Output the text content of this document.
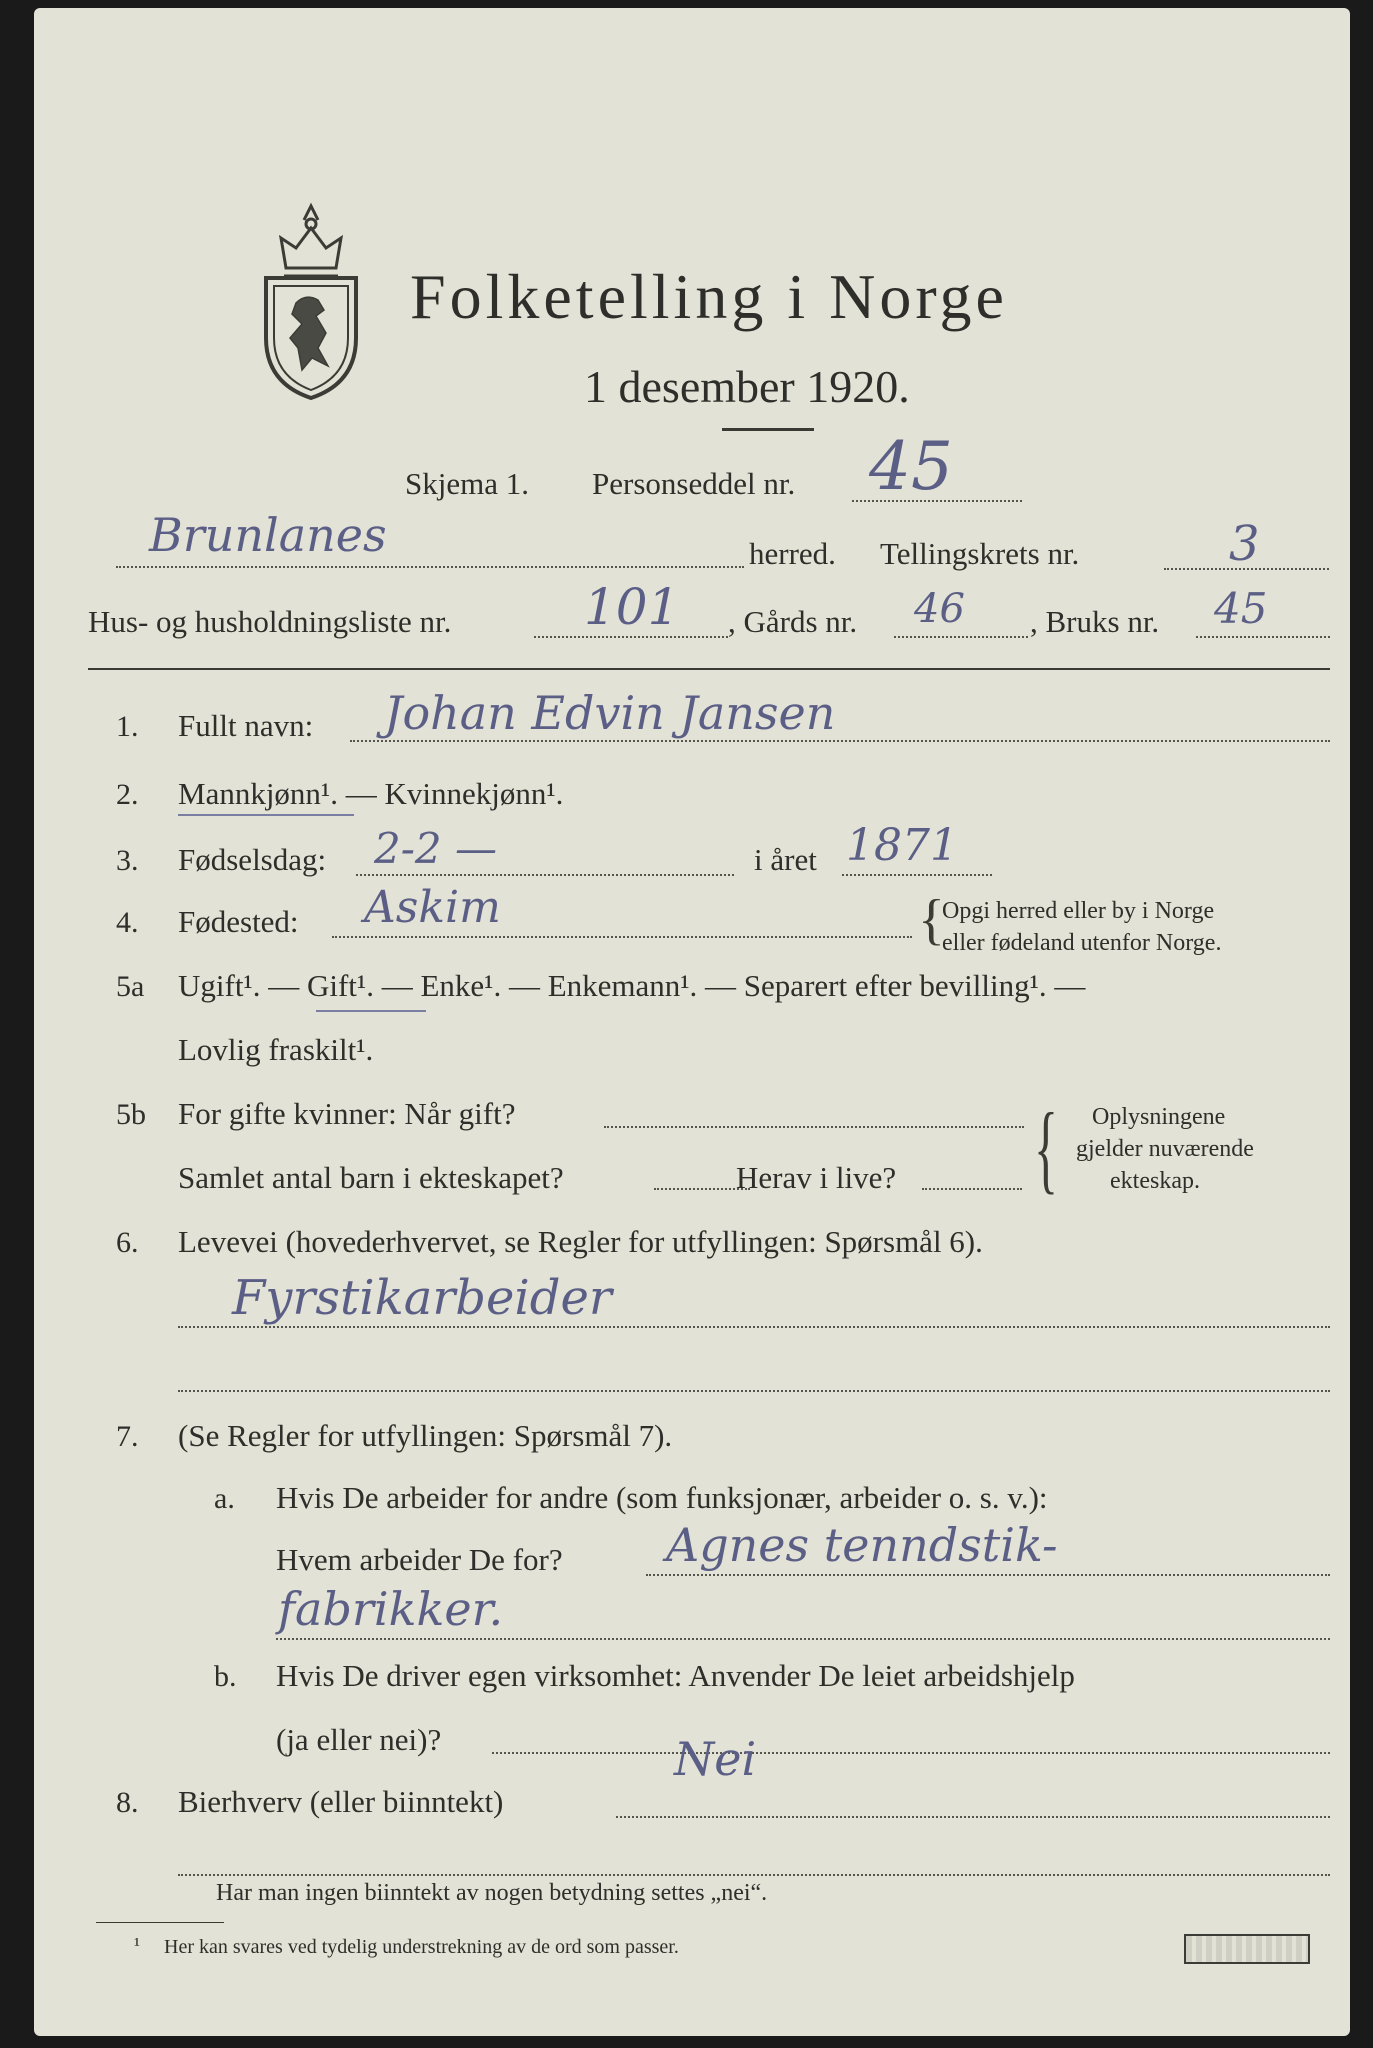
Folketelling i Norge
1 desember 1920.
Skjema 1. Personseddel nr. 45
Brunlanes	herred. Tellingskrets nr.	3
Hus- og husholdningsliste nr.	101 , Gårds nr. 46 , Bruks nr. 45
1. Fullt navn: Johan Edvin Jansen
2. Mannkjønn¹. — Kvinnekjønn¹.
3. Fødselsdag: 2-2 —	i året 1871
4. Fødested: Askim	{
Opgi herred eller by i Norge
eller fødeland utenfor Norge.
5a Ugift¹. — Gift¹. — Enke¹. — Enkemann¹. — Separert efter bevilling¹. —
Lovlig fraskilt¹.
5b For gifte kvinner: Når gift?
Samlet antal barn i ekteskapet?	Herav i live? { Oplysningene
gjelder nuværende
ekteskap.
6. Levevei (hovederhvervet, se Regler for utfyllingen: Spørsmål 6).
Fyrstikarbeider
7. (Se Regler for utfyllingen: Spørsmål 7).
a. Hvis De arbeider for andre (som funksjonær, arbeider o. s. v.):
Hvem arbeider De for? Agnes tenndstik-
fabrikker.
b. Hvis De driver egen virksomhet: Anvender De leiet arbeidshjelp
(ja eller nei)?	Nei
8. Bierhverv (eller biinntekt)
Har man ingen biinntekt av nogen betydning settes „nei“.
¹ Her kan svares ved tydelig understrekning av de ord som passer.
